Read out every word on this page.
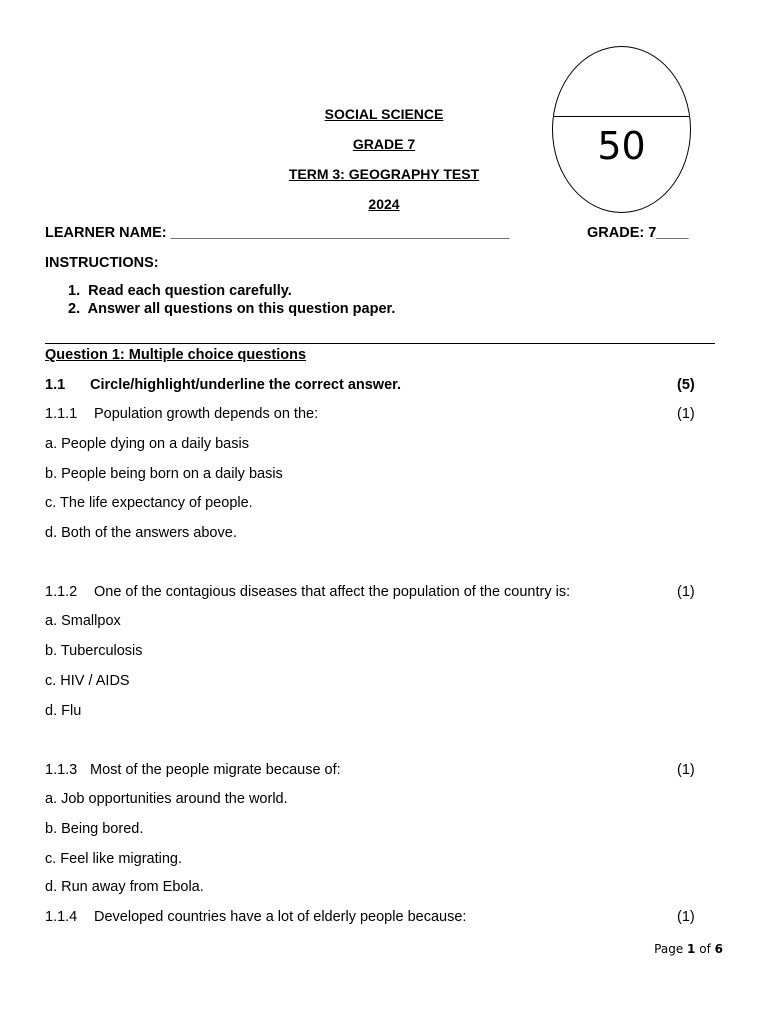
SOCIAL SCIENCE
GRADE 7
TERM 3: GEOGRAPHY TEST
2024
50
LEARNER NAME: __________________________________________	GRADE: 7____
INSTRUCTIONS:
1.  Read each question carefully.
2.  Answer all questions on this question paper.
Question 1: Multiple choice questions
1.1 Circle/highlight/underline the correct answer.	(5)
1.1.1 Population growth depends on the:	(1)
a. People dying on a daily basis
b. People being born on a daily basis
c. The life expectancy of people.
d. Both of the answers above.
1.1.2 One of the contagious diseases that affect the population of the country is:	(1)
a. Smallpox
b. Tuberculosis
c. HIV / AIDS
d. Flu
1.1.3 Most of the people migrate because of:	(1)
a. Job opportunities around the world.
b. Being bored.
c. Feel like migrating.
d. Run away from Ebola.
1.1.4 Developed countries have a lot of elderly people because:	(1)
Page 1 of 6
